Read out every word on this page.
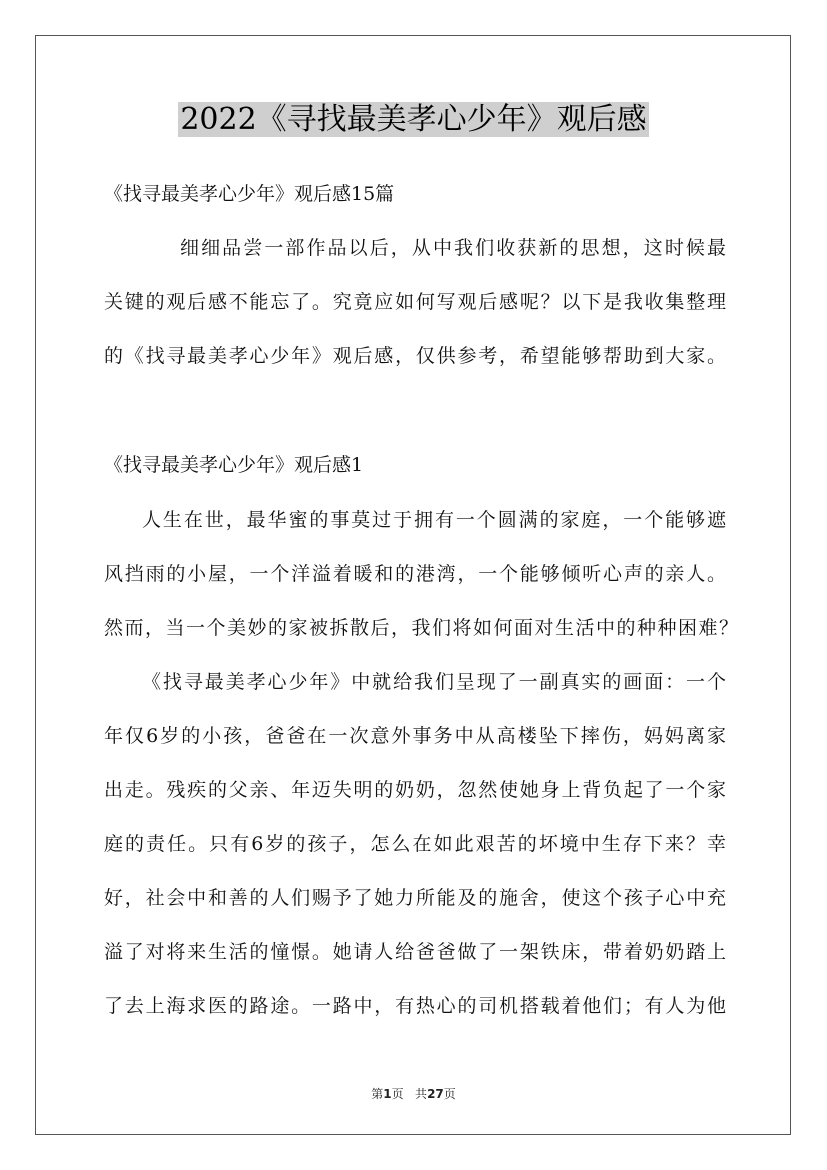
2022《寻找最美孝心少年》观后感
《找寻最美孝心少年》观后感15篇
细细品尝一部作品以后，从中我们收获新的思想，这时候最
关键的观后感不能忘了。究竟应如何写观后感呢？以下是我收集整理
的《找寻最美孝心少年》观后感，仅供参考，希望能够帮助到大家。
《找寻最美孝心少年》观后感1
人生在世，最华蜜的事莫过于拥有一个圆满的家庭，一个能够遮
风挡雨的小屋，一个洋溢着暖和的港湾，一个能够倾听心声的亲人。
然而，当一个美妙的家被拆散后，我们将如何面对生活中的种种困难？
《找寻最美孝心少年》中就给我们呈现了一副真实的画面：一个
年仅6岁的小孩，爸爸在一次意外事务中从高楼坠下摔伤，妈妈离家
出走。残疾的父亲、年迈失明的奶奶，忽然使她身上背负起了一个家
庭的责任。只有6岁的孩子，怎么在如此艰苦的坏境中生存下来？幸
好，社会中和善的人们赐予了她力所能及的施舍，使这个孩子心中充
溢了对将来生活的憧憬。她请人给爸爸做了一架铁床，带着奶奶踏上
了去上海求医的路途。一路中，有热心的司机搭载着他们；有人为他
第1页 共27页
